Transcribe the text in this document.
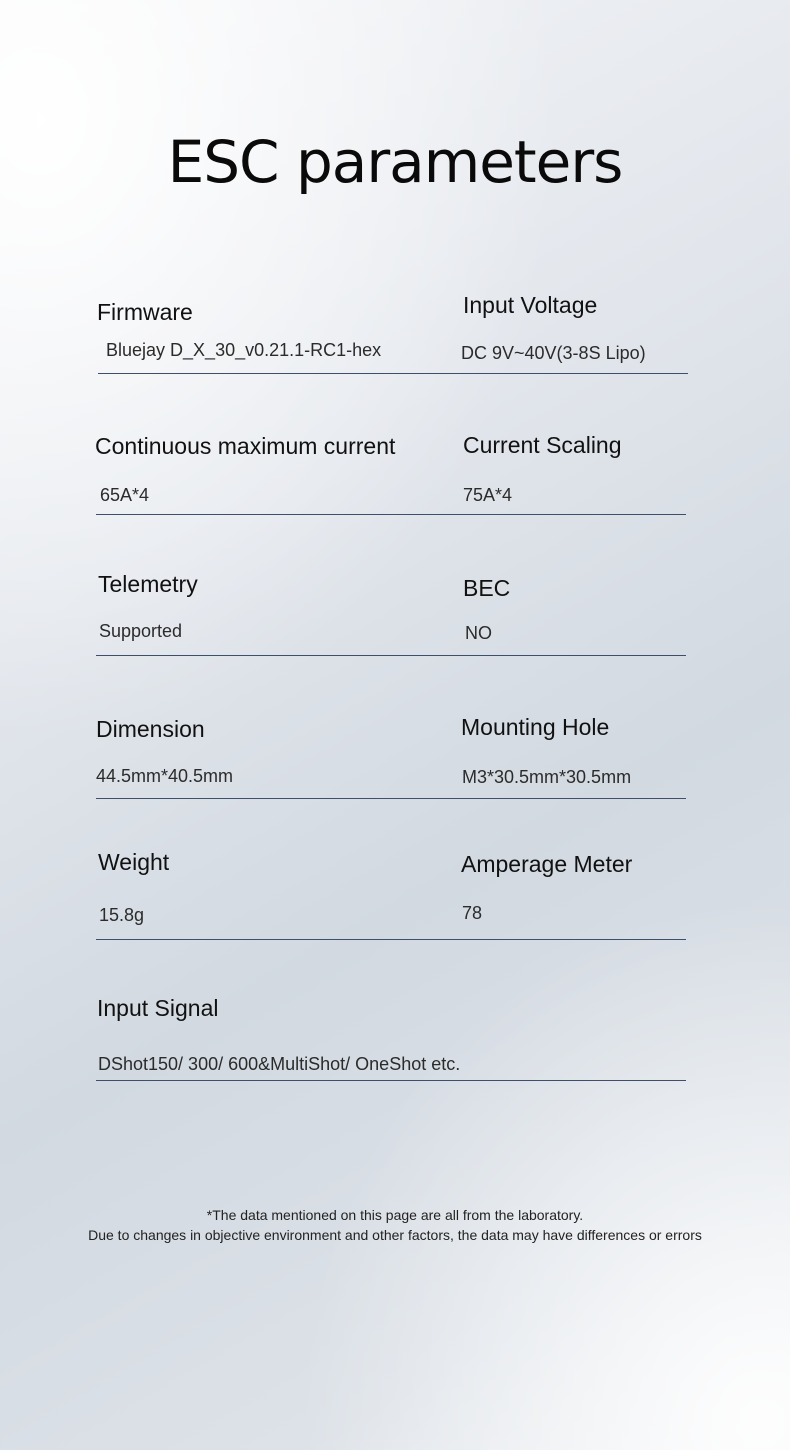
ESC parameters
Firmware
Bluejay D_X_30_v0.21.1-RC1-hex
Input Voltage
DC 9V~40V(3-8S Lipo)
Continuous maximum current
65A*4
Current Scaling
75A*4
Telemetry
Supported
BEC
NO
Dimension
44.5mm*40.5mm
Mounting Hole
M3*30.5mm*30.5mm
Weight
15.8g
Amperage Meter
78
Input Signal
DShot150/ 300/ 600&MultiShot/ OneShot etc.
*The data mentioned on this page are all from the laboratory.
Due to changes in objective environment and other factors, the data may have differences or errors
